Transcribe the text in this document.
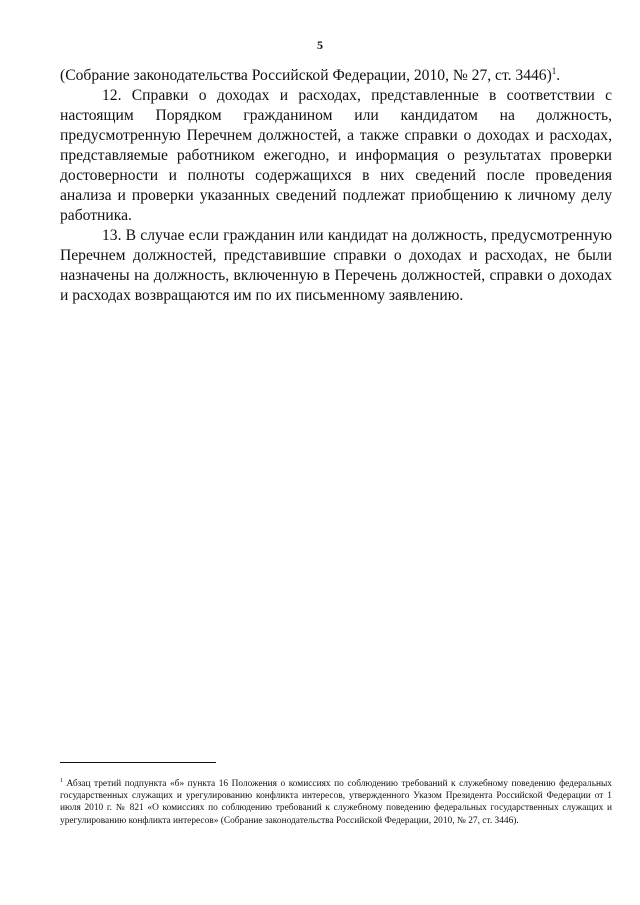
5

(Собрание законодательства Российской Федерации, 2010, № 27, ст. 3446)$^1$.

12. Справки о доходах и расходах, представленные в соответствии с настоящим Порядком гражданином или кандидатом на должность, предусмотренную Перечнем должностей, а также справки о доходах и расходах, представляемые работником ежегодно, и информация о результатах проверки достоверности и полноты содержащихся в них сведений после проведения анализа и проверки указанных сведений подлежат приобщению к личному делу работника.

13. В случае если гражданин или кандидат на должность, предусмотренную Перечнем должностей, представившие справки о доходах и расходах, не были назначены на должность, включенную в Перечень должностей, справки о доходах и расходах возвращаются им по их письменному заявлению.

$^1$ Абзац третий подпункта «б» пункта 16 Положения о комиссиях по соблюдению требований к служебному поведению федеральных государственных служащих и урегулированию конфликта интересов, утвержденного Указом Президента Российской Федерации от 1 июля 2010 г. № 821 «О комиссиях по соблюдению требований к служебному поведению федеральных государственных служащих и урегулированию конфликта интересов» (Собрание законодательства Российской Федерации, 2010, № 27, ст. 3446).
